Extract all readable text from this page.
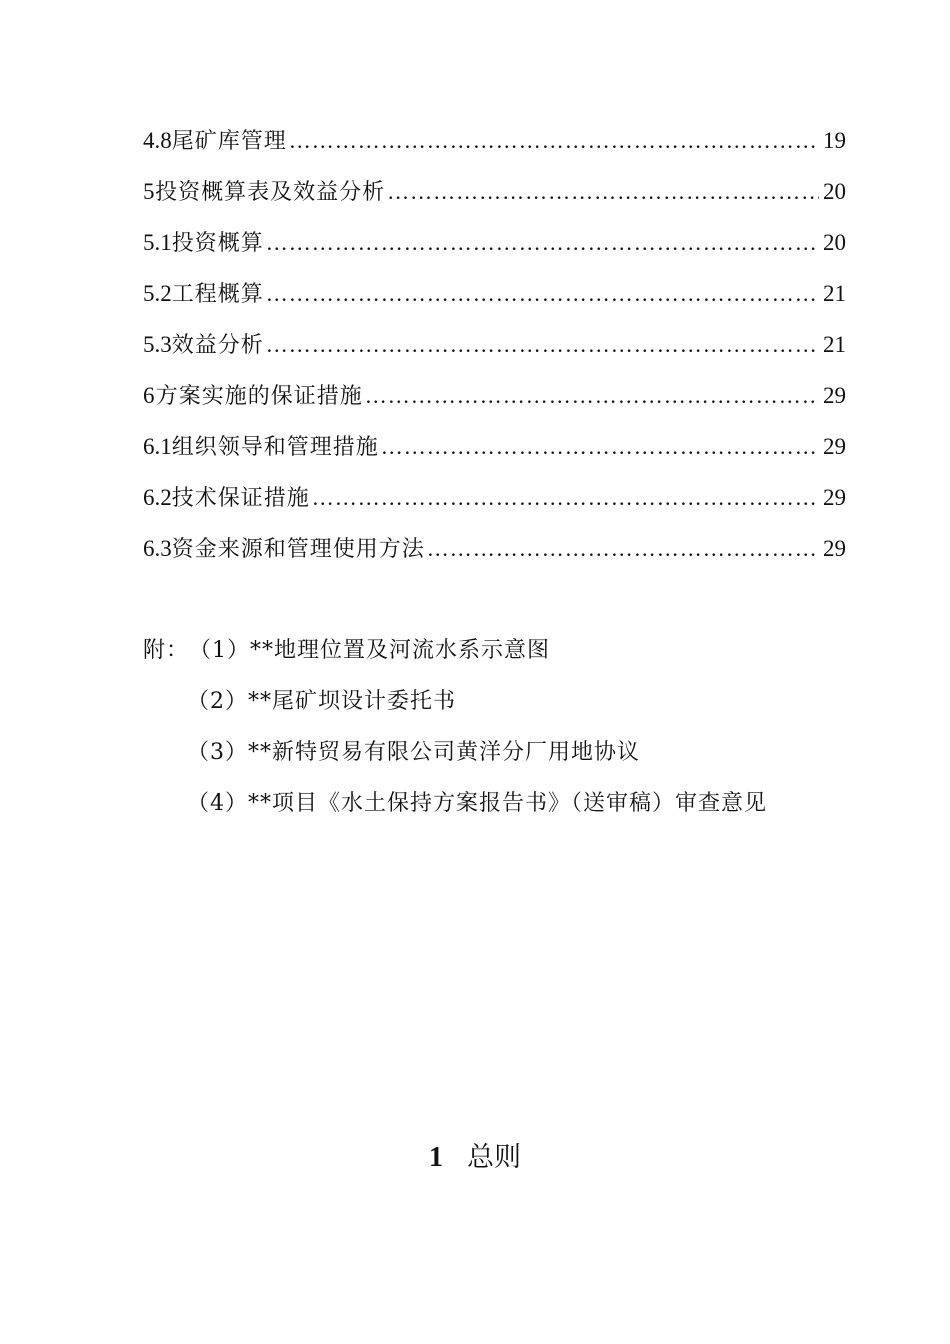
4.8 尾矿库管理 ……………………………………………………………………………………………………………………………………………………………………	19
5 投资概算表及效益分析 ……………………………………………………………………………………………………………………………………………………………………	20
5.1 投资概算 ……………………………………………………………………………………………………………………………………………………………………	20
5.2 工程概算 ……………………………………………………………………………………………………………………………………………………………………	21
5.3 效益分析 ……………………………………………………………………………………………………………………………………………………………………	21
6 方案实施的保证措施 ……………………………………………………………………………………………………………………………………………………………………	29
6.1 组织领导和管理措施 ……………………………………………………………………………………………………………………………………………………………………	29
6.2 技术保证措施 ……………………………………………………………………………………………………………………………………………………………………	29
6.3 资金来源和管理使用方法 ……………………………………………………………………………………………………………………………………………………………………	29
附：（1）**地理位置及河流水系示意图
（2）**尾矿坝设计委托书
（3）**新特贸易有限公司黄洋分厂用地协议
（4）**项目《水土保持方案报告书》（送审稿）审查意见
1 总则
